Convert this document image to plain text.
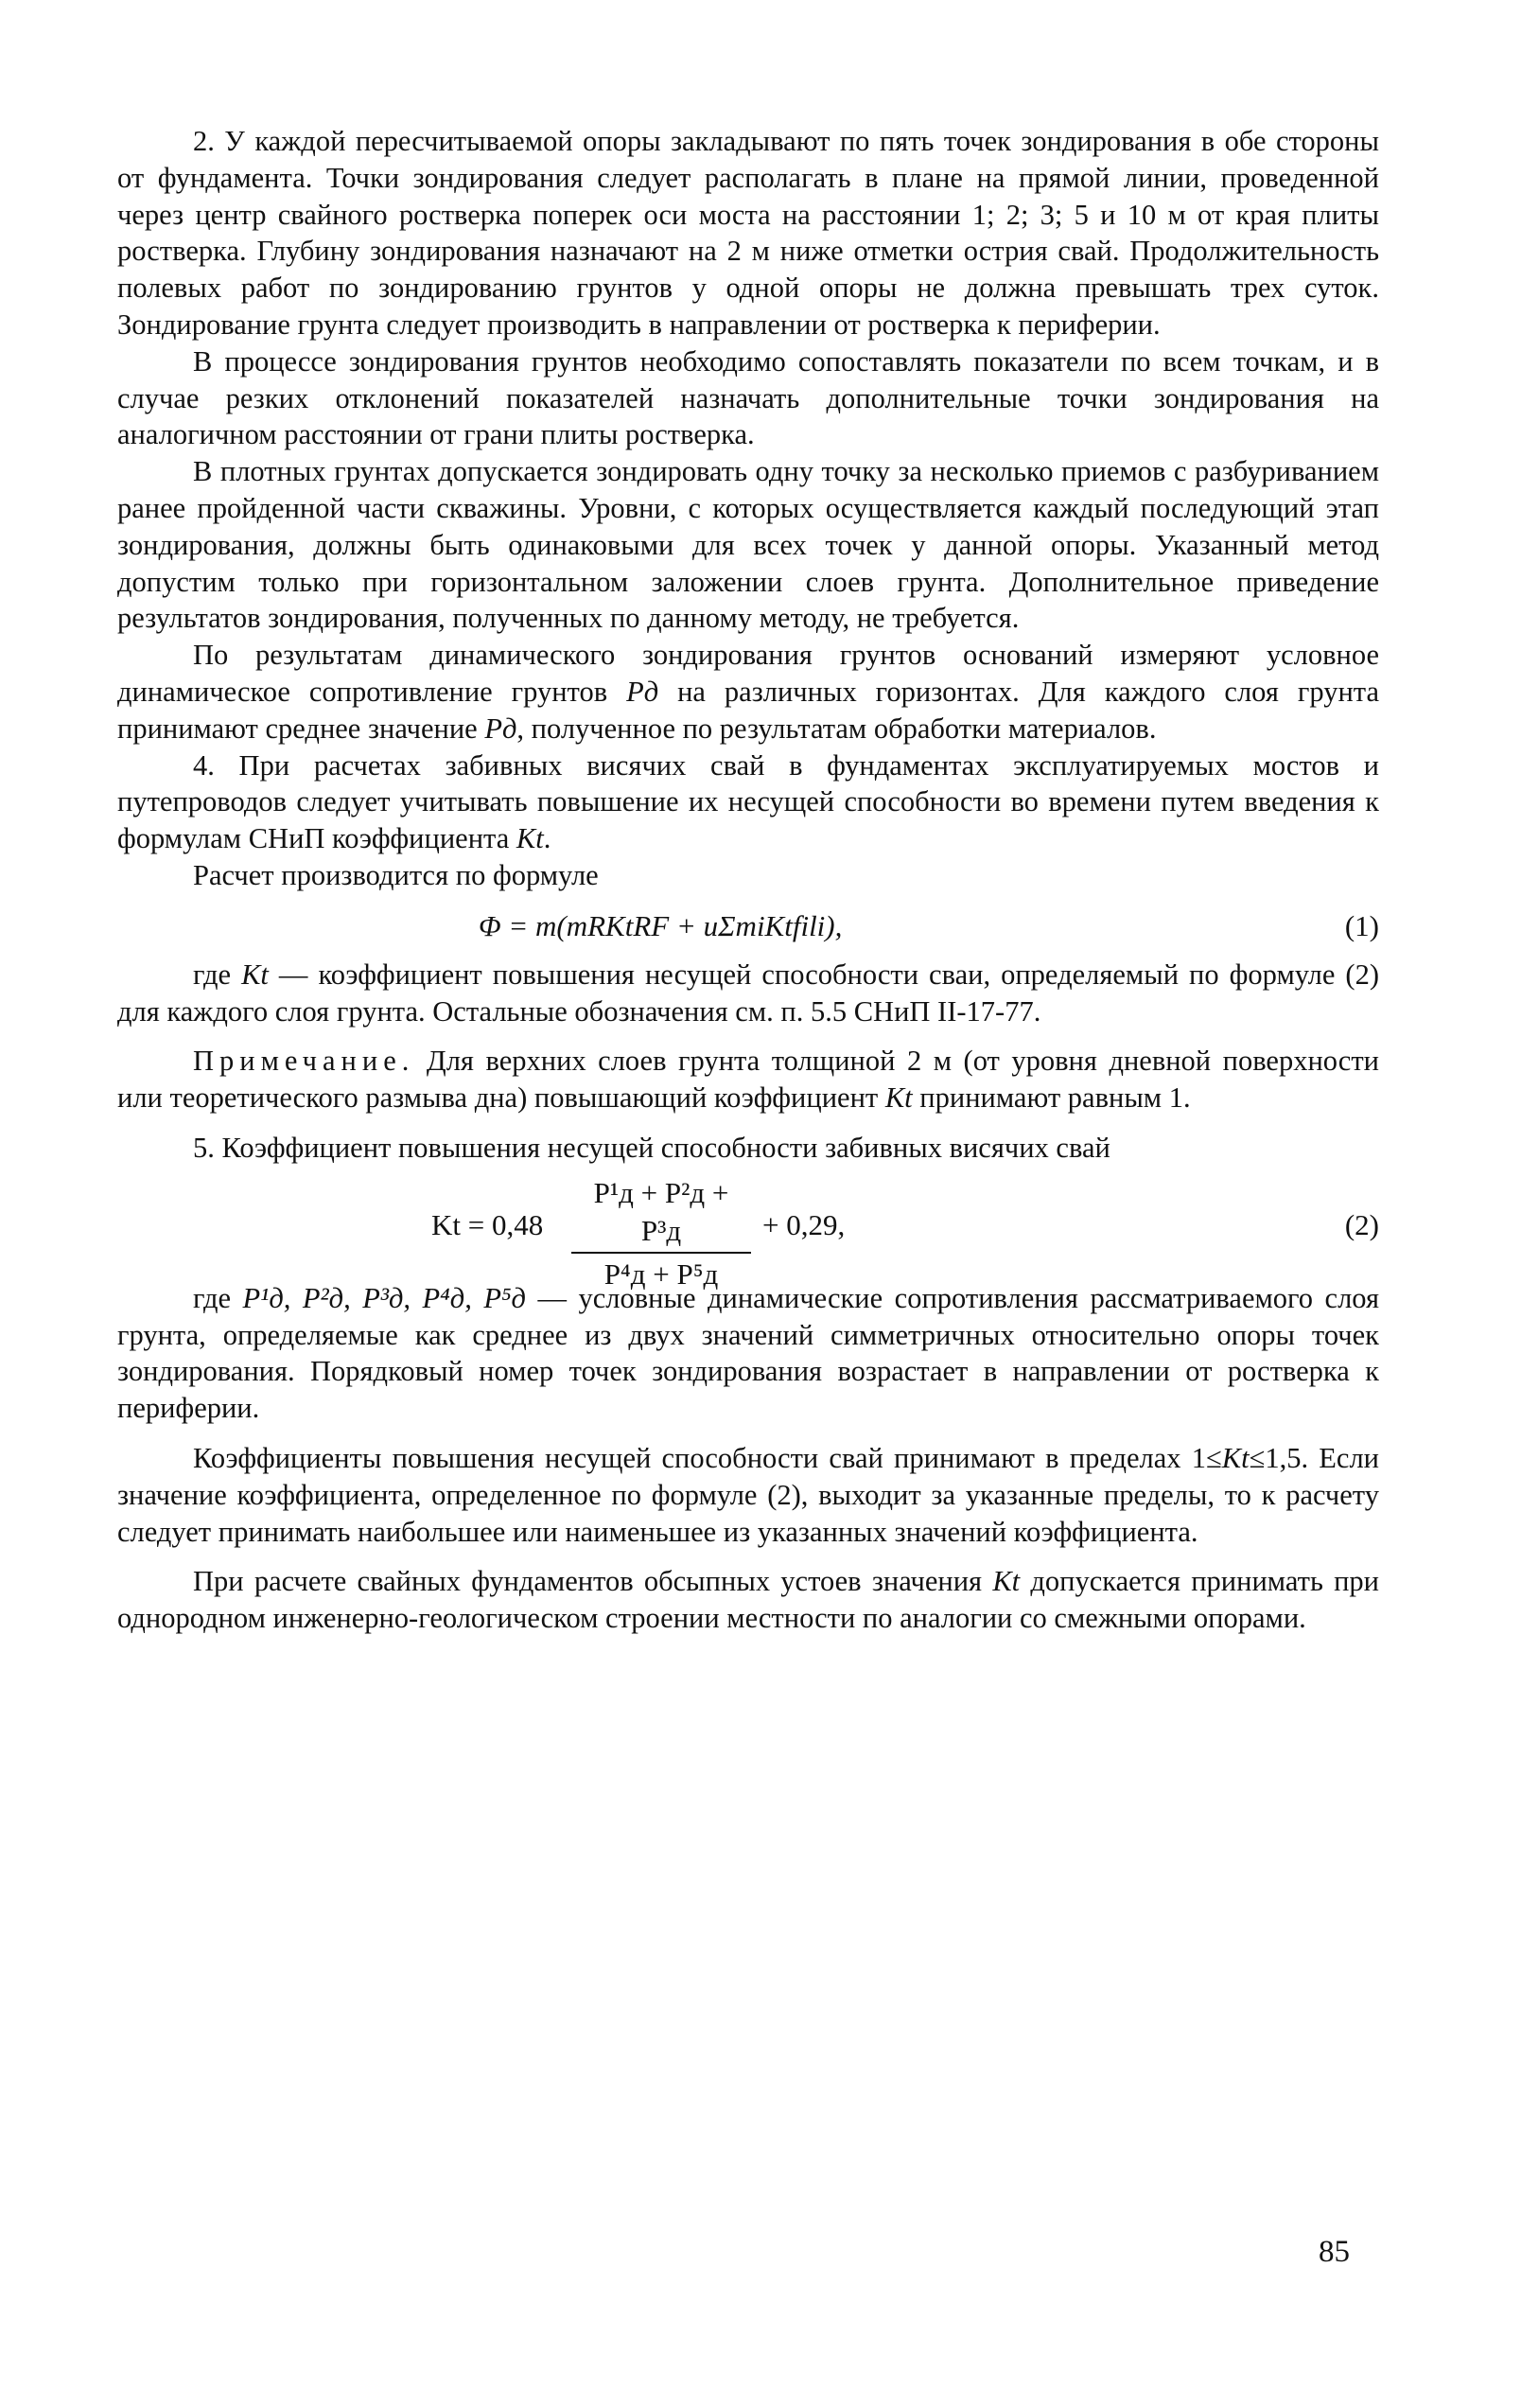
2. У каждой пересчитываемой опоры закладывают по пять точек зондирования в обе стороны от фундамента. Точки зондирования следует располагать в плане на прямой линии, проведенной через центр свайного ростверка поперек оси моста на расстоянии 1; 2; 3; 5 и 10 м от края плиты ростверка. Глубину зондирования назначают на 2 м ниже отметки острия свай. Продолжительность полевых работ по зондированию грунтов у одной опоры не должна превышать трех суток. Зондирование грунта следует производить в направлении от ростверка к периферии.

В процессе зондирования грунтов необходимо сопоставлять показатели по всем точкам, и в случае резких отклонений показателей назначать дополнительные точки зондирования на аналогичном расстоянии от грани плиты ростверка.

В плотных грунтах допускается зондировать одну точку за несколько приемов с разбуриванием ранее пройденной части скважины. Уровни, с которых осуществляется каждый последующий этап зондирования, должны быть одинаковыми для всех точек у данной опоры. Указанный метод допустим только при горизонтальном заложении слоев грунта. Дополнительное приведение результатов зондирования, полученных по данному методу, не требуется.

По результатам динамического зондирования грунтов оснований измеряют условное динамическое сопротивление грунтов Pд на различных горизонтах. Для каждого слоя грунта принимают среднее значение Pд, полученное по результатам обработки материалов.

4. При расчетах забивных висячих свай в фундаментах эксплуатируемых мостов и путепроводов следует учитывать повышение их несущей способности во времени путем введения к формулам СНиП коэффициента Kt.

Расчет производится по формуле

Φ = m(mRKtRF + uΣmiKtfili),	(1)

где Kt — коэффициент повышения несущей способности сваи, определяемый по формуле (2) для каждого слоя грунта. Остальные обозначения см. п. 5.5 СНиП II-17-77.

Примечание. Для верхних слоев грунта толщиной 2 м (от уровня дневной поверхности или теоретического размыва дна) повышающий коэффициент Kt принимают равным 1.

5. Коэффициент повышения несущей способности забивных висячих свай

Kt = 0,48
P¹д + P²д + P³д
P⁴д + P⁵д
+ 0,29,	(2)

где P¹д, P²д, P³д, P⁴д, P⁵д — условные динамические сопротивления рассматриваемого слоя грунта, определяемые как среднее из двух значений симметричных относительно опоры точек зондирования. Порядковый номер точек зондирования возрастает в направлении от ростверка к периферии.

Коэффициенты повышения несущей способности свай принимают в пределах 1≤Kt≤1,5. Если значение коэффициента, определенное по формуле (2), выходит за указанные пределы, то к расчету следует принимать наибольшее или наименьшее из указанных значений коэффициента.

При расчете свайных фундаментов обсыпных устоев значения Kt допускается принимать при однородном инженерно-геологическом строении местности по аналогии со смежными опорами.

85
